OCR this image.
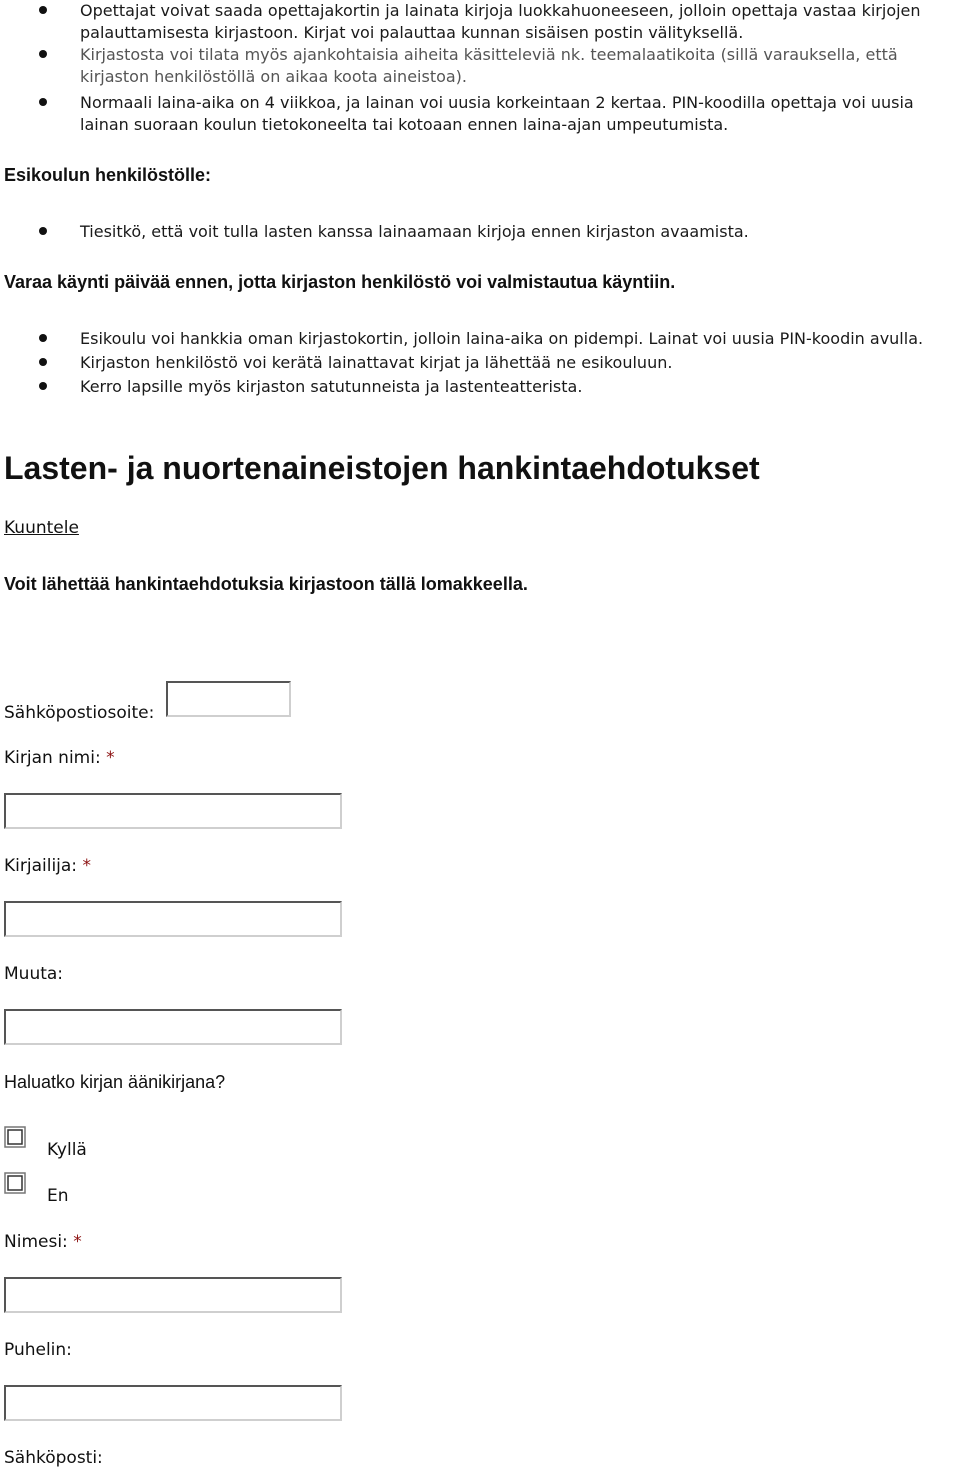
Opettajat voivat saada opettajakortin ja lainata kirjoja luokkahuoneeseen, jolloin opettaja vastaa kirjojen palauttamisesta kirjastoon. Kirjat voi palauttaa kunnan sisäisen postin välityksellä.
Kirjastosta voi tilata myös ajankohtaisia aiheita käsitteleviä nk. teemalaatikoita (sillä varauksella, että kirjaston henkilöstöllä on aikaa koota aineistoa).
Normaali laina-aika on 4 viikkoa, ja lainan voi uusia korkeintaan 2 kertaa. PIN-koodilla opettaja voi uusia lainan suoraan koulun tietokoneelta tai kotoaan ennen laina-ajan umpeutumista.
Esikoulun henkilöstölle:
Tiesitkö, että voit tulla lasten kanssa lainaamaan kirjoja ennen kirjaston avaamista.
Varaa käynti päivää ennen, jotta kirjaston henkilöstö voi valmistautua käyntiin.
Esikoulu voi hankkia oman kirjastokortin, jolloin laina-aika on pidempi. Lainat voi uusia PIN-koodin avulla.
Kirjaston henkilöstö voi kerätä lainattavat kirjat ja lähettää ne esikouluun.
Kerro lapsille myös kirjaston satutunneista ja lastenteatterista.
Lasten- ja nuortenaineistojen hankintaehdotukset
Kuuntele
Voit lähettää hankintaehdotuksia kirjastoon tällä lomakkeella.
Sähköpostiosoite:
Kirjan nimi: *
Kirjailija: *
Muuta:
Haluatko kirjan äänikirjana?
Kyllä
En
Nimesi: *
Puhelin:
Sähköposti:
